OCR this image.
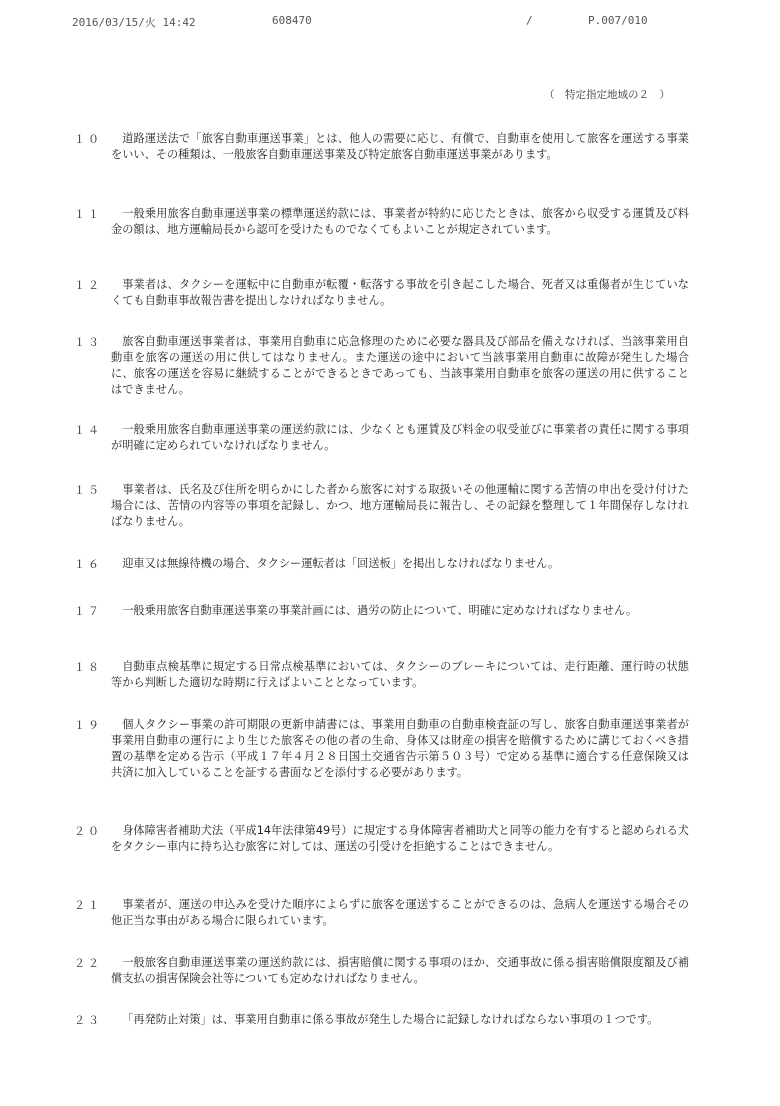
2016/03/15/火 14:42	608470	/	P.007/010
（　特定指定地域の２　）
１０	道路運送法で「旅客自動車運送事業」とは、他人の需要に応じ、有償で、自動車を使用して旅客を運送する事業をいい、その種類は、一般旅客自動車運送事業及び特定旅客自動車運送事業があります。
１１	一般乗用旅客自動車運送事業の標準運送約款には、事業者が特約に応じたときは、旅客から収受する運賃及び料金の額は、地方運輸局長から認可を受けたものでなくてもよいことが規定されています。
１２	事業者は、タクシーを運転中に自動車が転覆・転落する事故を引き起こした場合、死者又は重傷者が生じていなくても自動車事故報告書を提出しなければなりません。
１３	旅客自動車運送事業者は、事業用自動車に応急修理のために必要な器具及び部品を備えなければ、当該事業用自動車を旅客の運送の用に供してはなりません。また運送の途中において当該事業用自動車に故障が発生した場合に、旅客の運送を容易に継続することができるときであっても、当該事業用自動車を旅客の運送の用に供することはできません。
１４	一般乗用旅客自動車運送事業の運送約款には、少なくとも運賃及び料金の収受並びに事業者の責任に関する事項が明確に定められていなければなりません。
１５	事業者は、氏名及び住所を明らかにした者から旅客に対する取扱いその他運輸に関する苦情の申出を受け付けた場合には、苦情の内容等の事項を記録し、かつ、地方運輸局長に報告し、その記録を整理して１年間保存しなければなりません。
１６	迎車又は無線待機の場合、タクシー運転者は「回送板」を掲出しなければなりません。
１７	一般乗用旅客自動車運送事業の事業計画には、過労の防止について、明確に定めなければなりません。
１８	自動車点検基準に規定する日常点検基準においては、タクシーのブレーキについては、走行距離、運行時の状態等から判断した適切な時期に行えばよいこととなっています。
１９	個人タクシー事業の許可期限の更新申請書には、事業用自動車の自動車検査証の写し、旅客自動車運送事業者が事業用自動車の運行により生じた旅客その他の者の生命、身体又は財産の損害を賠償するために講じておくべき措置の基準を定める告示（平成１７年４月２８日国土交通省告示第５０３号）で定める基準に適合する任意保険又は共済に加入していることを証する書面などを添付する必要があります。
２０	身体障害者補助犬法（平成14年法律第49号）に規定する身体障害者補助犬と同等の能力を有すると認められる犬をタクシー車内に持ち込む旅客に対しては、運送の引受けを拒絶することはできません。
２１	事業者が、運送の申込みを受けた順序によらずに旅客を運送することができるのは、急病人を運送する場合その他正当な事由がある場合に限られています。
２２	一般旅客自動車運送事業の運送約款には、損害賠償に関する事項のほか、交通事故に係る損害賠償限度額及び補償支払の損害保険会社等についても定めなければなりません。
２３	「再発防止対策」は、事業用自動車に係る事故が発生した場合に記録しなければならない事項の１つです。
